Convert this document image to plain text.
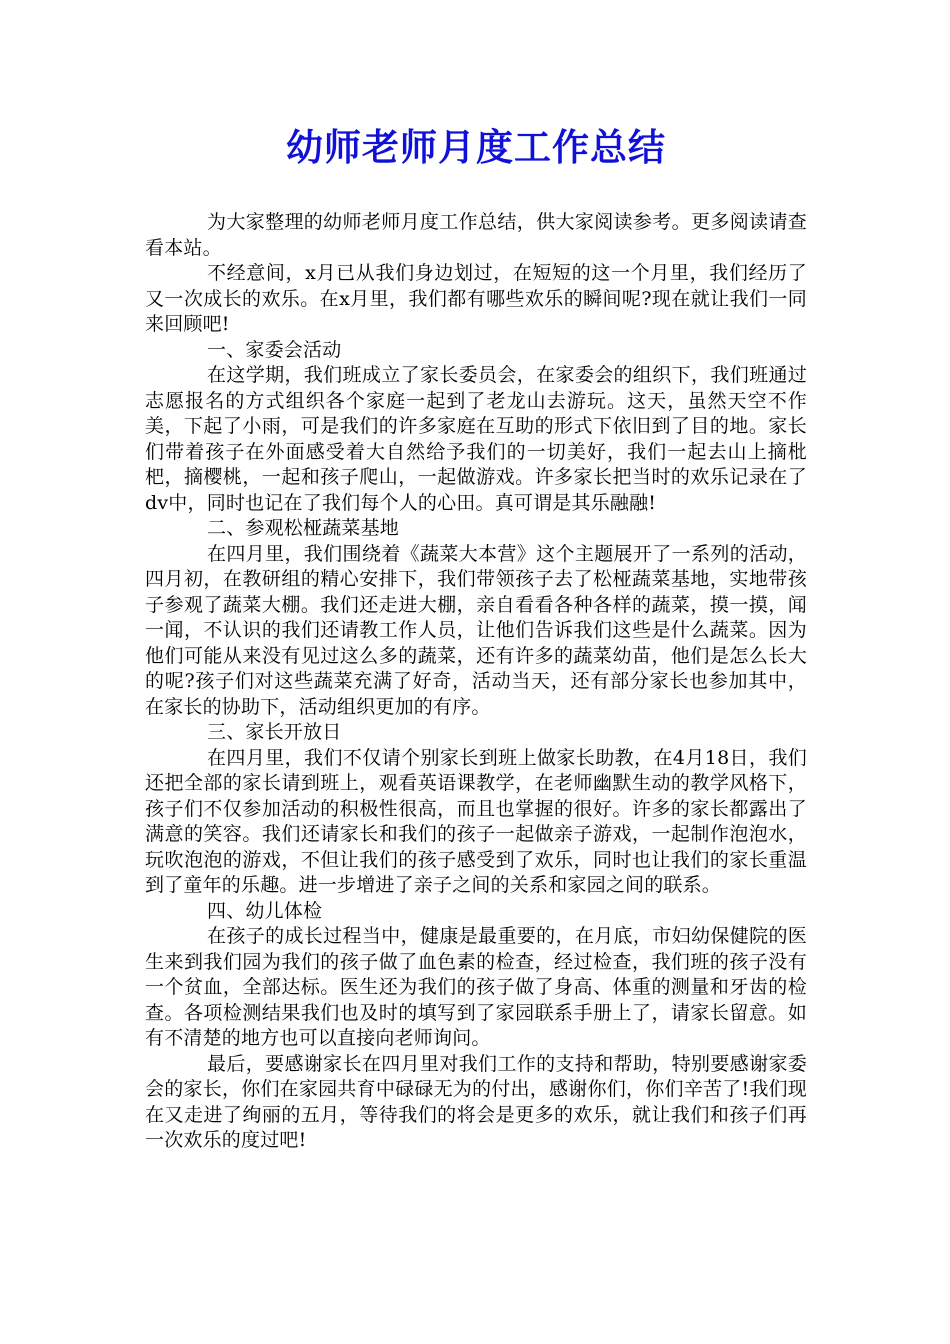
幼师老师月度工作总结

为大家整理的幼师老师月度工作总结，供大家阅读参考。更多阅读请查看本站。

不经意间，x月已从我们身边划过，在短短的这一个月里，我们经历了又一次成长的欢乐。在x月里，我们都有哪些欢乐的瞬间呢?现在就让我们一同来回顾吧!

一、家委会活动

在这学期，我们班成立了家长委员会，在家委会的组织下，我们班通过志愿报名的方式组织各个家庭一起到了老龙山去游玩。这天，虽然天空不作美，下起了小雨，可是我们的许多家庭在互助的形式下依旧到了目的地。家长们带着孩子在外面感受着大自然给予我们的一切美好，我们一起去山上摘枇杷，摘樱桃，一起和孩子爬山，一起做游戏。许多家长把当时的欢乐记录在了dv中，同时也记在了我们每个人的心田。真可谓是其乐融融!

二、参观松桠蔬菜基地

在四月里，我们围绕着《蔬菜大本营》这个主题展开了一系列的活动，四月初，在教研组的精心安排下，我们带领孩子去了松桠蔬菜基地，实地带孩子参观了蔬菜大棚。我们还走进大棚，亲自看看各种各样的蔬菜，摸一摸，闻一闻，不认识的我们还请教工作人员，让他们告诉我们这些是什么蔬菜。因为他们可能从来没有见过这么多的蔬菜，还有许多的蔬菜幼苗，他们是怎么长大的呢?孩子们对这些蔬菜充满了好奇，活动当天，还有部分家长也参加其中，在家长的协助下，活动组织更加的有序。

三、家长开放日

在四月里，我们不仅请个别家长到班上做家长助教，在4月18日，我们还把全部的家长请到班上，观看英语课教学，在老师幽默生动的教学风格下，孩子们不仅参加活动的积极性很高，而且也掌握的很好。许多的家长都露出了满意的笑容。我们还请家长和我们的孩子一起做亲子游戏，一起制作泡泡水，玩吹泡泡的游戏，不但让我们的孩子感受到了欢乐，同时也让我们的家长重温到了童年的乐趣。进一步增进了亲子之间的关系和家园之间的联系。

四、幼儿体检

在孩子的成长过程当中，健康是最重要的，在月底，市妇幼保健院的医生来到我们园为我们的孩子做了血色素的检查，经过检查，我们班的孩子没有一个贫血，全部达标。医生还为我们的孩子做了身高、体重的测量和牙齿的检查。各项检测结果我们也及时的填写到了家园联系手册上了，请家长留意。如有不清楚的地方也可以直接向老师询问。

最后，要感谢家长在四月里对我们工作的支持和帮助，特别要感谢家委会的家长，你们在家园共育中碌碌无为的付出，感谢你们，你们辛苦了!我们现在又走进了绚丽的五月，等待我们的将会是更多的欢乐，就让我们和孩子们再一次欢乐的度过吧!
